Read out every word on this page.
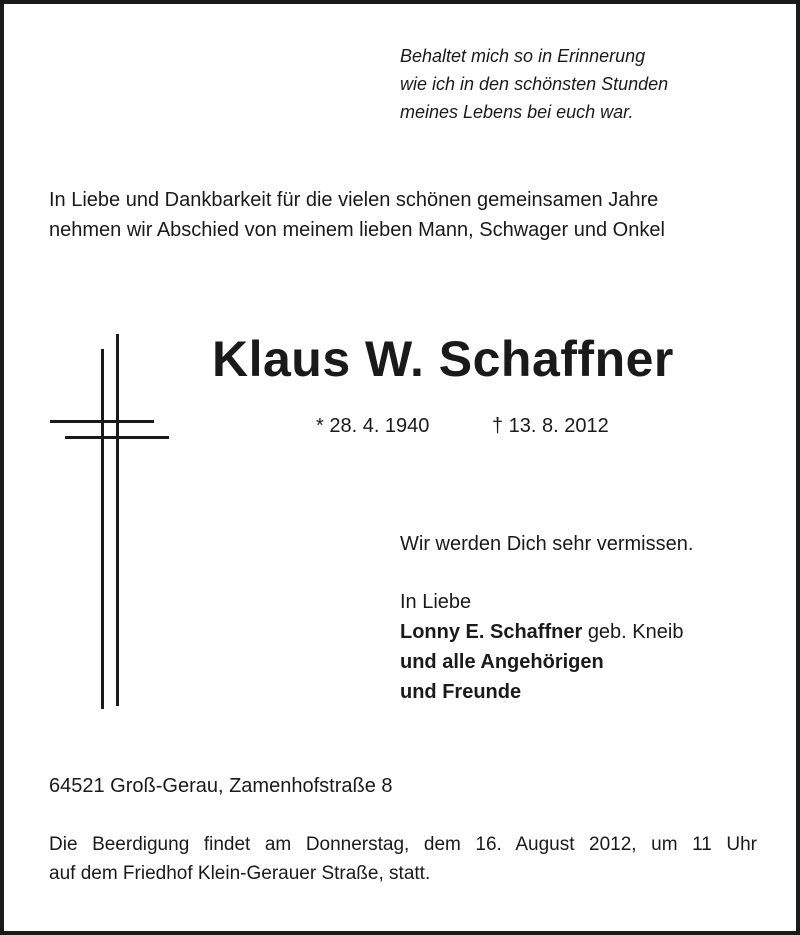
Behaltet mich so in Erinnerung
wie ich in den schönsten Stunden
meines Lebens bei euch war.
In Liebe und Dankbarkeit für die vielen schönen gemeinsamen Jahre
nehmen wir Abschied von meinem lieben Mann, Schwager und Onkel
Klaus W. Schaffner
* 28. 4. 1940	† 13. 8. 2012
Wir werden Dich sehr vermissen.
In Liebe
Lonny E. Schaffner geb. Kneib
und alle Angehörigen
und Freunde
64521 Groß-Gerau, Zamenhofstraße 8
Die Beerdigung findet am Donnerstag, dem 16. August 2012, um 11 Uhr
auf dem Friedhof Klein-Gerauer Straße, statt.
